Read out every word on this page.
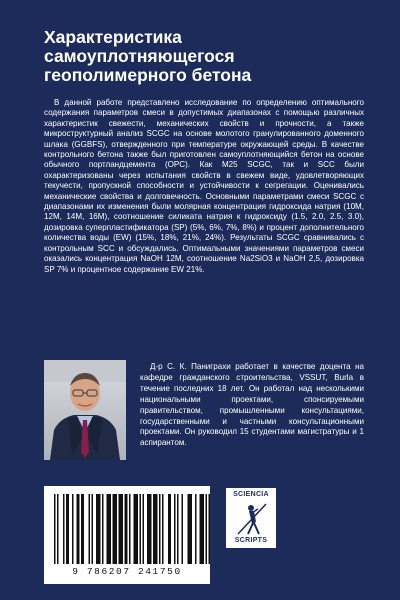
Характеристика
самоуплотняющегося
геополимерного бетона

В данной работе представлено исследование по определению оптимального содержания параметров смеси в допустимых диапазонах с помощью различных характеристик свежести, механических свойств и прочности, а также микроструктурный анализ SCGC на основе молотого гранулированного доменного шлака (GGBFS), отвержденного при температуре окружающей среды. В качестве контрольного бетона также был приготовлен самоуплотняющийся бетон на основе обычного портландцемента (OPC). Как M25 SCGC, так и SCC были охарактеризованы через испытания свойств в свежем виде, удовлетворяющих текучести, пропускной способности и устойчивости к сегрегации. Оценивались механические свойства и долговечность. Основными параметрами смеси SCGC с диапазонами их изменения были молярная концентрация гидроксида натрия (10M, 12M, 14M, 16M), соотношение силиката натрия к гидроксиду (1.5, 2.0, 2.5, 3.0), дозировка суперпластификатора (SP) (5%, 6%, 7%, 8%) и процент дополнительного количества воды (EW) (15%, 18%, 21%, 24%). Результаты SCGC сравнивались с контрольным SCC и обсуждались. Оптимальными значениями параметров смеси оказались концентрация NaOH 12M, соотношение Na2SiO3 и NaOH 2,5, дозировка SP 7% и процентное содержание EW 21%.

Д-р С. К. Паниграхи работает в качестве доцента на кафедре гражданского строительства, VSSUT, Burla в течение последних 18 лет. Он работал над несколькими национальными проектами, спонсируемыми правительством, промышленными консультациями, государственными и частными консультационными проектами. Он руководил 15 студентами магистратуры и 1 аспирантом.

9 786207 241750
SCIENCIA
SCRIPTS
